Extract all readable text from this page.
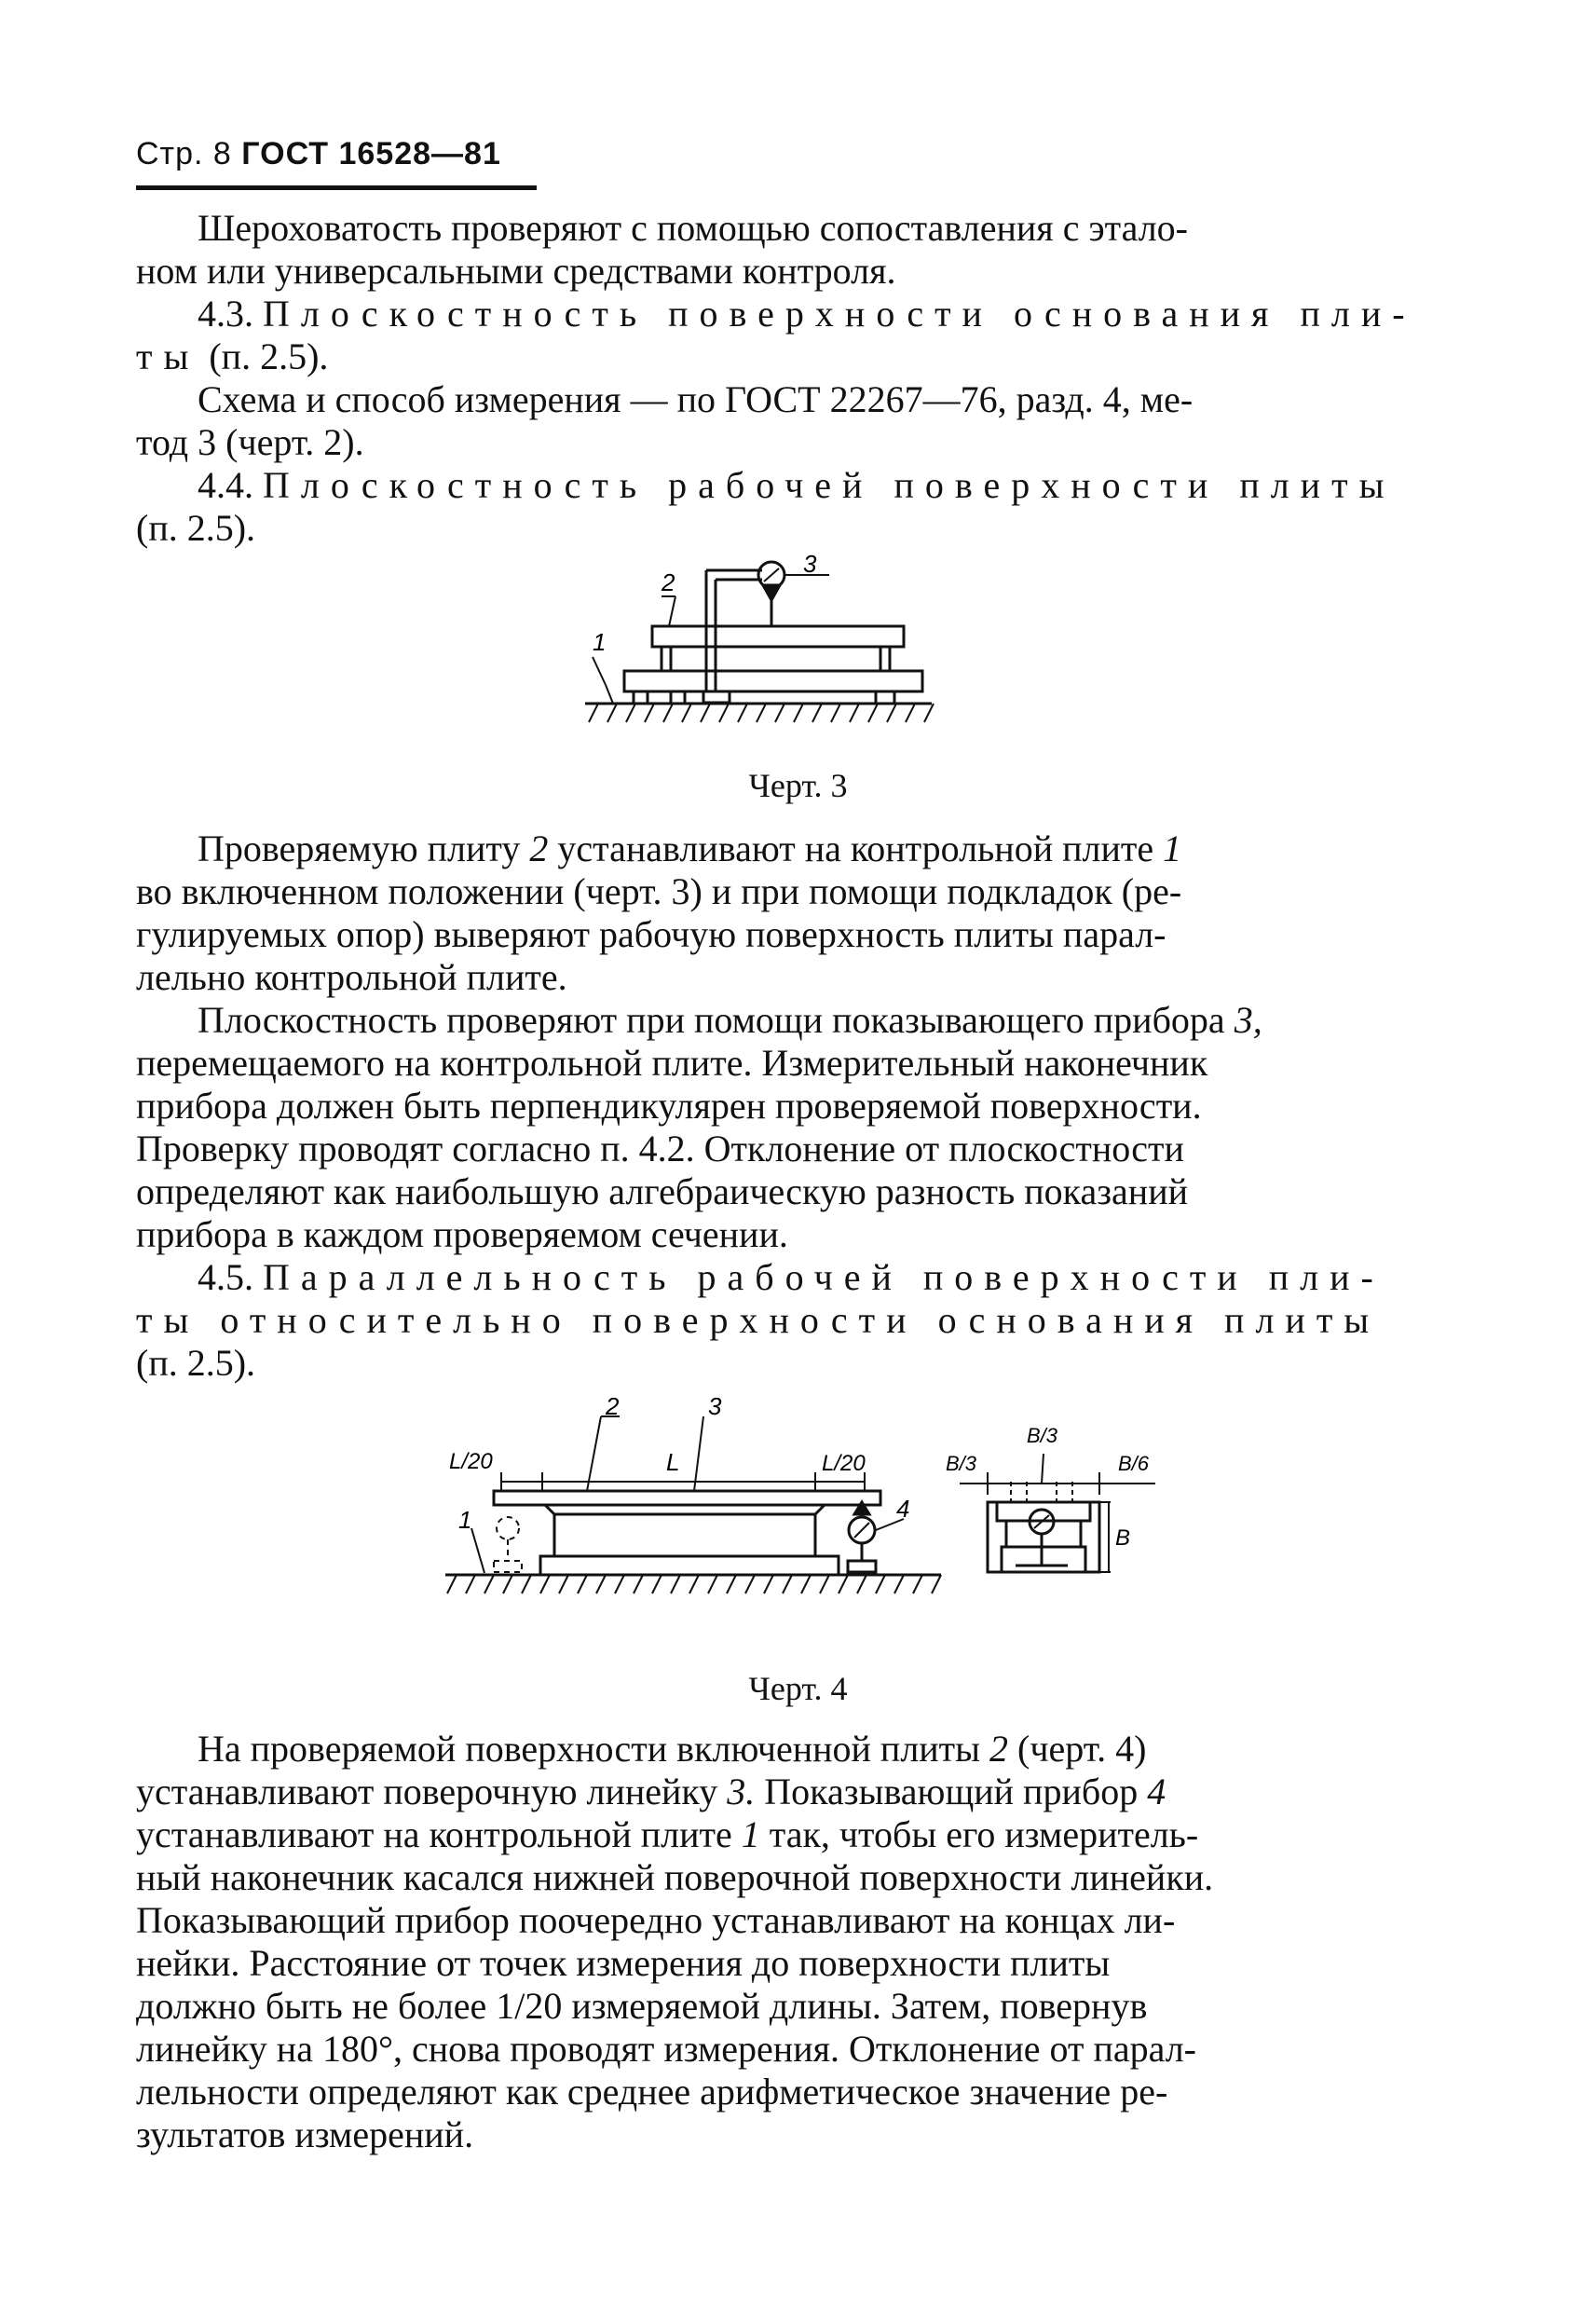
Стр. 8 ГОСТ 16528—81

Шероховатость проверяют с помощью сопоставления с этало-

ном или универсальными средствами контроля.

4.3. Плоскостность поверхности основания пли-

ты (п. 2.5).

Схема и способ измерения — по ГОСТ 22267—76, разд. 4, ме-

тод 3 (черт. 2).

4.4. Плоскостность рабочей поверхности плиты

(п. 2.5).

2
3
1
Черт. 3

Проверяемую плиту 2 устанавливают на контрольной плите 1

во включенном положении (черт. 3) и при помощи подкладок (ре-

гулируемых опор) выверяют рабочую поверхность плиты парал-

лельно контрольной плите.

Плоскостность проверяют при помощи показывающего прибора 3,

перемещаемого на контрольной плите. Измерительный наконечник

прибора должен быть перпендикулярен проверяемой поверхности.

Проверку проводят согласно п. 4.2. Отклонение от плоскостности

определяют как наибольшую алгебраическую разность показаний

прибора в каждом проверяемом сечении.

4.5. Параллельность рабочей поверхности пли-

ты относительно поверхности основания плиты

(п. 2.5).

L/20	L	L/20
2	3
1	4
B/3
B/3
B/6
B
Черт. 4

На проверяемой поверхности включенной плиты 2 (черт. 4)

устанавливают поверочную линейку 3. Показывающий прибор 4

устанавливают на контрольной плите 1 так, чтобы его измеритель-

ный наконечник касался нижней поверочной поверхности линейки.

Показывающий прибор поочередно устанавливают на концах ли-

нейки. Расстояние от точек измерения до поверхности плиты

должно быть не более 1/20 измеряемой длины. Затем, повернув

линейку на 180°, снова проводят измерения. Отклонение от парал-

лельности определяют как среднее арифметическое значение ре-

зультатов измерений.
